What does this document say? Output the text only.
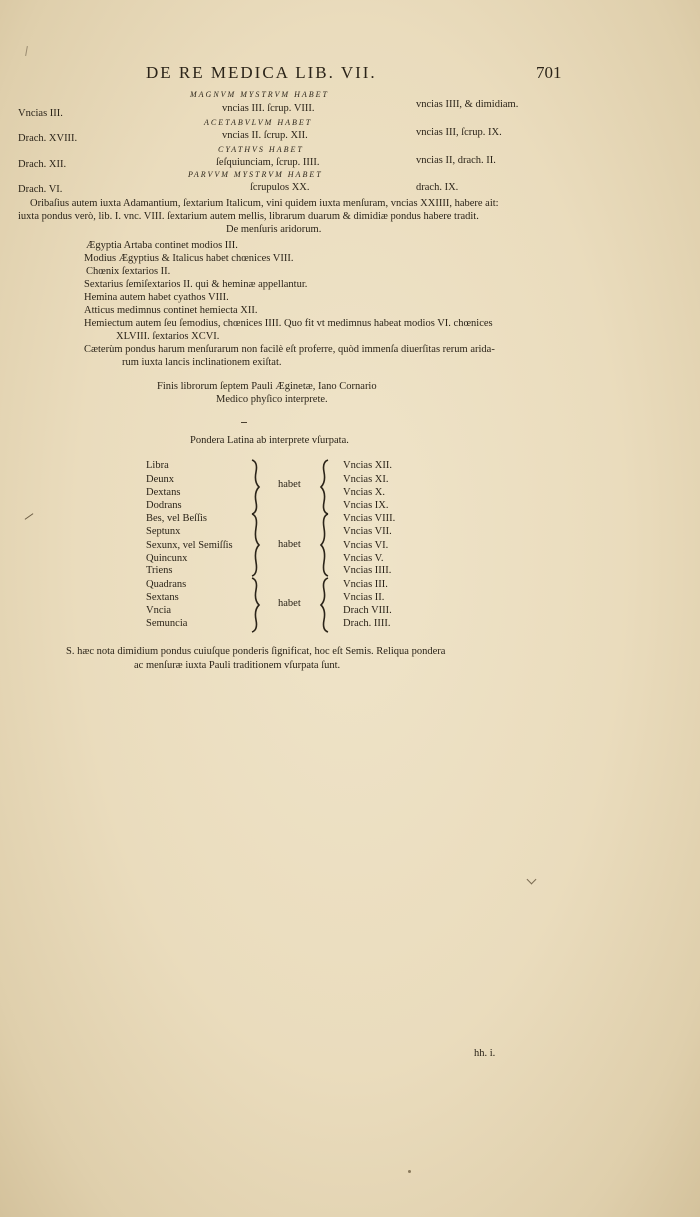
DE RE MEDICA LIB. VII.	701
Vncias III.
Drach. XVIII.
Drach. XII.
Drach. VI.
MAGNVM MYSTRVM HABET
vncias III. ſcrup. VIII.
ACETABVLVM HABET
vncias II. ſcrup. XII.
CYATHVS HABET
ſeſquiunciam, ſcrup. IIII.
PARVVM MYSTRVM HABET
ſcrupulos XX.
vncias IIII, & dimidiam.
vncias III, ſcrup. IX.
vncias II, drach. II.
drach. IX.
Oribaſius autem iuxta Adamantium, ſextarium Italicum, vini quidem iuxta menſuram, vncias XXIIII, habere ait:
iuxta pondus verò, lib. I. vnc. VIII. ſextarium autem mellis, librarum duarum & dimidiæ pondus habere tradit.
De menſuris aridorum.
Ægyptia Artaba continet modios III.
Modius Ægyptius & Italicus habet chœnices VIII.
Chœnix ſextarios II.
Sextarius ſemiſextarios II. qui & heminæ appellantur.
Hemina autem habet cyathos VIII.
Atticus medimnus continet hemiecta XII.
Hemiectum autem ſeu ſemodius, chœnices IIII. Quo fit vt medimnus habeat modios VI. chœnices
XLVIII. ſextarios XCVI.
Cæterùm pondus harum menſurarum non facilè eſt proferre, quòd immenſa diuerſitas rerum arida-
rum iuxta lancis inclinationem exiſtat.
Finis librorum ſeptem Pauli Æginetæ, Iano Cornario
Medico phyſico interprete.
Pondera Latina ab interprete vſurpata.
Libra
Deunx
Dextans
Dodrans
habet
Vncias XII.
Vncias XI.
Vncias X.
Vncias IX.
Bes, vel Beſſis
Septunx
Sexunx, vel Semiſſis
Quincunx
Triens
habet
Vncias VIII.
Vncias VII.
Vncias VI.
Vncias V.
Vncias IIII.
Quadrans
Sextans
Vncia
Semuncia
habet
Vncias III.
Vncias II.
Drach VIII.
Drach. IIII.
S. hæc nota dimidium pondus cuiuſque ponderis ſignificat, hoc eſt Semis. Reliqua pondera
ac menſuræ iuxta Pauli traditionem vſurpata ſunt.
hh. i.
